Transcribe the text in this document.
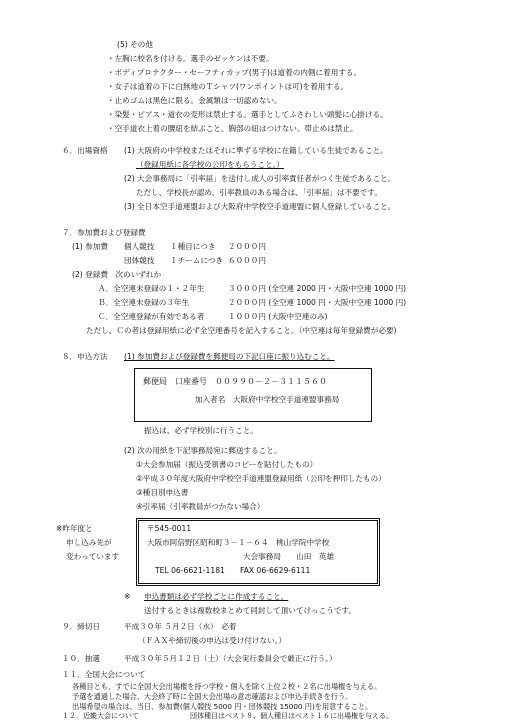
(5) その他
・左胸に校名を付ける。選手のゼッケンは不要。
・ボディプロテクター・セーフティカップ(男子)は道着の内側に着用する。
・女子は道着の下に白無地のＴシャツ(ワンポイントは可)を着用する。
・止めゴムは黒色に限る。金属類は一切認めない。
・染髪・ピアス・道衣の変形は禁止する。選手としてふさわしい頭髪に心掛ける。
・空手道衣上着の腰紐を結ぶこと。胸部の紐はつけない。帯止めは禁止。
６．出場資格 (1) 大阪府の中学校またはそれに準ずる学校に在籍している生徒であること。
（登録用紙に各学校の公印をもらうこと。）
(2) 大会事務局に「引率届」を送付し成人の引率責任者がつく生徒であること。
ただし、学校長が認め、引率教員のある場合は、「引率届」は不要です。
(3) 全日本空手道連盟および大阪府中学校空手道連盟に個人登録していること。
７．参加費および登録費
(1) 参加費 個人競技 １種目につき ２０００円
団体競技 １チームにつき ６０００円
(2) 登録費　次のいずれか
Ａ．全空連未登録の１・２年生	３０００円 (全空連 2000 円・大阪中空連 1000 円)
Ｂ．全空連未登録の３年生	２０００円 (全空連 1000 円・大阪中空連 1000 円)
Ｃ．全空連登録が有効である者	１０００円 (大阪中空連のみ)
ただし、Ｃの者は登録用紙に必ず全空連番号を記入すること。（中空連は毎年登録費が必要)
８．申込方法 (1) 参加費および登録費を郵便局の下記口座に振り込むこと。
郵便局　口座番号　００９９０－２－３１１５６０
加入者名　大阪府中学校空手道連盟事務局
振込は、必ず学校別に行うこと。
(2) 次の用紙を下記事務局宛に郵送すること。
①大会参加届（振込受領書のコピーを貼付したもの）
②平成３０年度大阪府中学校空手道連盟登録用紙（公印を押印したもの）
③種目別申込書
④引率届（引率教員がつかない場合）
※昨年度と
申し込み先が
変わっています
〒545-0011
大阪市阿倍野区昭和町３－１－６４　桃山学院中学校
大会事務局　　山田　英雄
TEL 06-6621-1181　　FAX 06-6629-6111
※ 申込書類は必ず学校ごとに作成すること。
送付するときは複数校まとめて同封して頂いてけっこうです。
９．締切日	平成３０年 ５月２日（水）　必着
（ＦＡＸや締切後の申込は受け付けない。）
１０．抽選	平成３０年５月１２日（土）（大会実行委員会で厳正に行う。）
１１．全国大会について
各種目とも、すでに全国大会出場権を持つ学校・個人を除く上位２校・２名に出場権を与える。
予選を通過した場合、大会終了時に全国大会出場の意志確認および申込手続きを行う。
出場希望の場合は、当日、参加費(個人競技 5000 円・団体競技 15000 円)を用意すること。
１２．近畿大会について	団体種目はベスト８、個人種目はベスト１６に出場権を与える。
